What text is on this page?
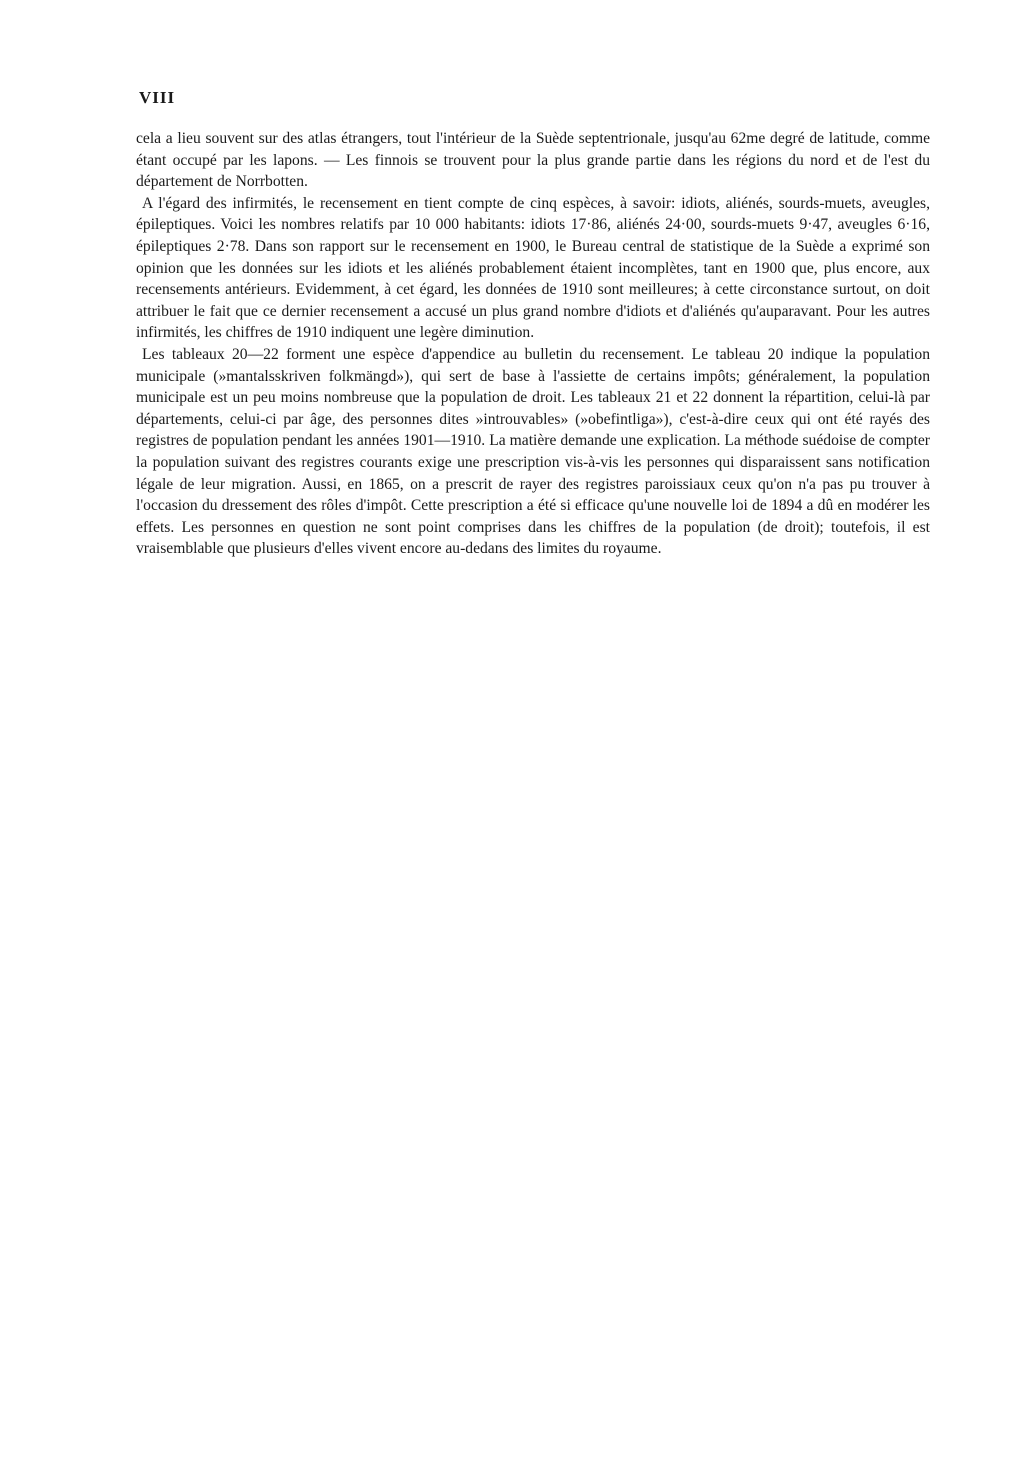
VIII

cela a lieu souvent sur des atlas étrangers, tout l'intérieur de la Suède septentrionale, jusqu'au 62me degré de latitude, comme étant occupé par les lapons. — Les finnois se trouvent pour la plus grande partie dans les régions du nord et de l'est du département de Norrbotten.

A l'égard des infirmités, le recensement en tient compte de cinq espèces, à savoir: idiots, aliénés, sourds-muets, aveugles, épileptiques. Voici les nombres relatifs par 10 000 habitants: idiots 17·86, aliénés 24·00, sourds-muets 9·47, aveugles 6·16, épileptiques 2·78. Dans son rapport sur le recensement en 1900, le Bureau central de statistique de la Suède a exprimé son opinion que les données sur les idiots et les aliénés probablement étaient incomplètes, tant en 1900 que, plus encore, aux recensements antérieurs. Evidemment, à cet égard, les données de 1910 sont meilleures; à cette circonstance surtout, on doit attribuer le fait que ce dernier recensement a accusé un plus grand nombre d'idiots et d'aliénés qu'auparavant. Pour les autres infirmités, les chiffres de 1910 indiquent une legère diminution.

Les tableaux 20—22 forment une espèce d'appendice au bulletin du recensement. Le tableau 20 indique la population municipale (»mantalsskriven folkmängd»), qui sert de base à l'assiette de certains impôts; généralement, la population municipale est un peu moins nombreuse que la population de droit. Les tableaux 21 et 22 donnent la répartition, celui-là par départements, celui-ci par âge, des personnes dites »introuvables» (»obefintliga»), c'est-à-dire ceux qui ont été rayés des registres de population pendant les années 1901—1910. La matière demande une explication. La méthode suédoise de compter la population suivant des registres courants exige une prescription vis-à-vis les personnes qui disparaissent sans notification légale de leur migration. Aussi, en 1865, on a prescrit de rayer des registres paroissiaux ceux qu'on n'a pas pu trouver à l'occasion du dressement des rôles d'impôt. Cette prescription a été si efficace qu'une nouvelle loi de 1894 a dû en modérer les effets. Les personnes en question ne sont point comprises dans les chiffres de la population (de droit); toutefois, il est vraisemblable que plusieurs d'elles vivent encore au-dedans des limites du royaume.
